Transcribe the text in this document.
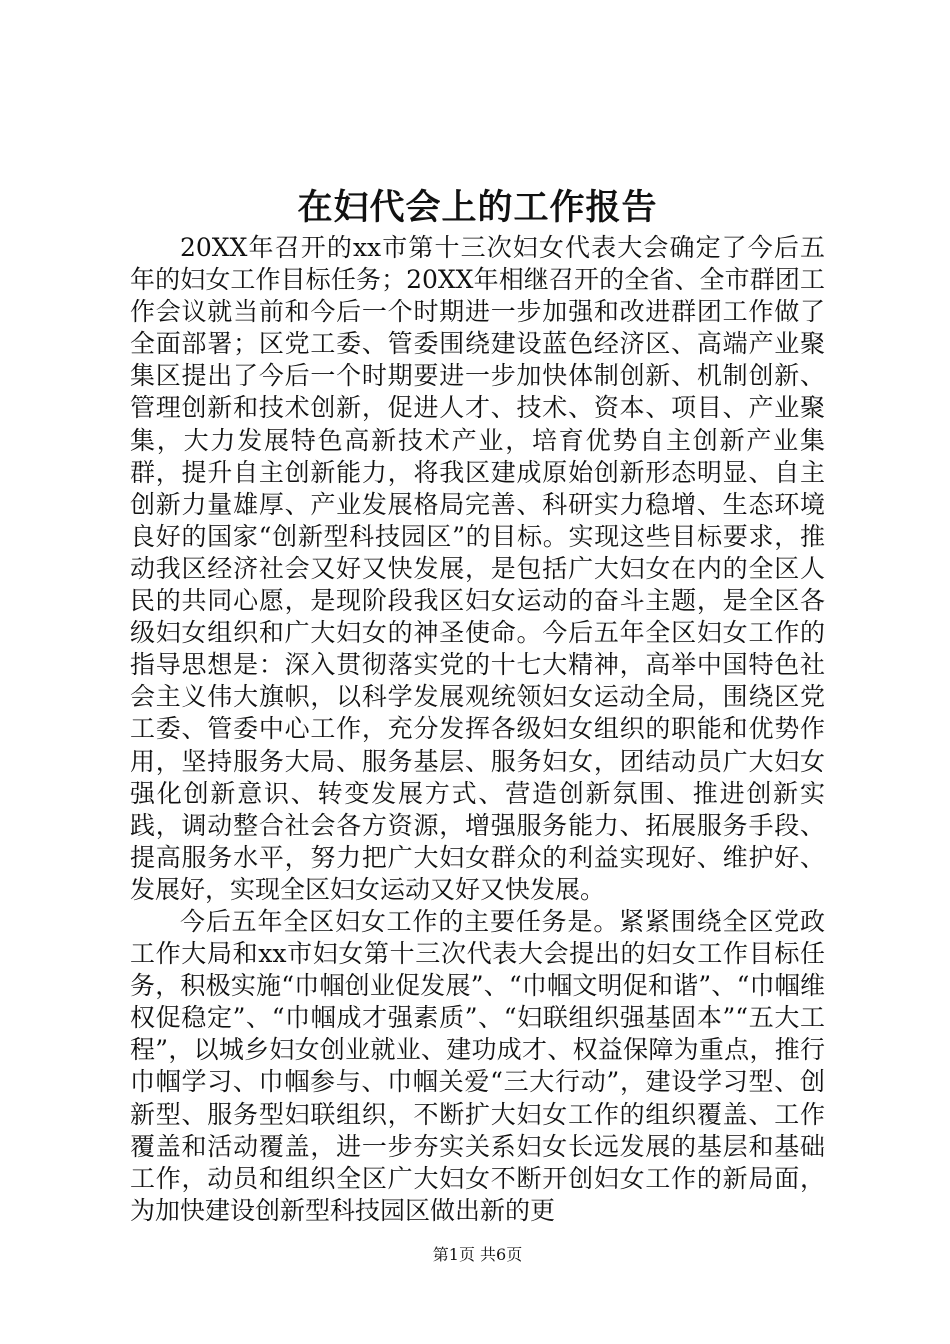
在妇代会上的工作报告

20XX年召开的xx市第十三次妇女代表大会确定了今后五年的妇女工作目标任务；20XX年相继召开的全省、全市群团工作会议就当前和今后一个时期进一步加强和改进群团工作做了全面部署；区党工委、管委围绕建设蓝色经济区、高端产业聚集区提出了今后一个时期要进一步加快体制创新、机制创新、管理创新和技术创新，促进人才、技术、资本、项目、产业聚集，大力发展特色高新技术产业，培育优势自主创新产业集群，提升自主创新能力，将我区建成原始创新形态明显、自主创新力量雄厚、产业发展格局完善、科研实力稳增、生态环境良好的国家“创新型科技园区”的目标。实现这些目标要求，推动我区经济社会又好又快发展，是包括广大妇女在内的全区人民的共同心愿，是现阶段我区妇女运动的奋斗主题，是全区各级妇女组织和广大妇女的神圣使命。今后五年全区妇女工作的指导思想是：深入贯彻落实党的十七大精神，高举中国特色社会主义伟大旗帜，以科学发展观统领妇女运动全局，围绕区党工委、管委中心工作，充分发挥各级妇女组织的职能和优势作用，坚持服务大局、服务基层、服务妇女，团结动员广大妇女强化创新意识、转变发展方式、营造创新氛围、推进创新实践，调动整合社会各方资源，增强服务能力、拓展服务手段、提高服务水平，努力把广大妇女群众的利益实现好、维护好、发展好，实现全区妇女运动又好又快发展。

今后五年全区妇女工作的主要任务是。紧紧围绕全区党政工作大局和xx市妇女第十三次代表大会提出的妇女工作目标任务，积极实施“巾帼创业促发展”、“巾帼文明促和谐”、“巾帼维权促稳定”、“巾帼成才强素质”、“妇联组织强基固本”“五大工程”，以城乡妇女创业就业、建功成才、权益保障为重点，推行巾帼学习、巾帼参与、巾帼关爱“三大行动”，建设学习型、创新型、服务型妇联组织，不断扩大妇女工作的组织覆盖、工作覆盖和活动覆盖，进一步夯实关系妇女长远发展的基层和基础工作，动员和组织全区广大妇女不断开创妇女工作的新局面，为加快建设创新型科技园区做出新的更

第1页 共6页
